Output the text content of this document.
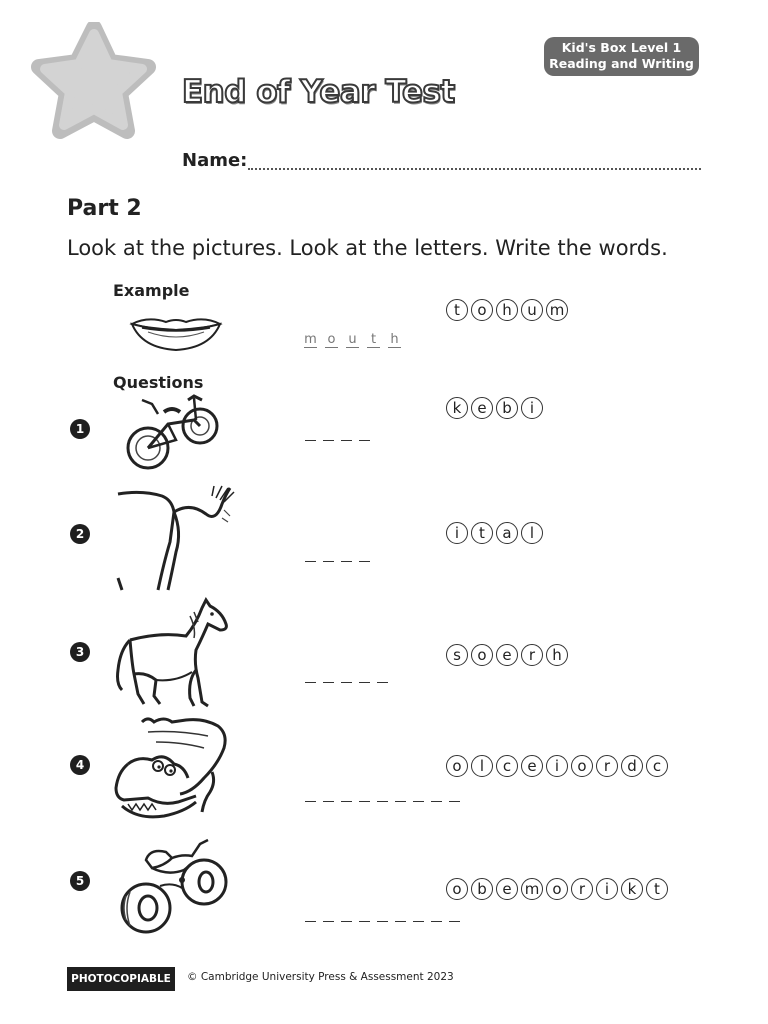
Kid's Box Level 1
Reading and Writing
End of Year Test
Name:
Part 2
Look at the pictures. Look at the letters. Write the words.
Example
t	o	h	u m
m o u	t	h
Questions
1
k	e	b	i
2	i	t	a	l
3	s	o	e	r	h
4	o	l	c	e	i	o	r	d	c
5	o	b	e m o	r	i	k	t
PHOTOCOPIABLE	© Cambridge University Press & Assessment 2023
